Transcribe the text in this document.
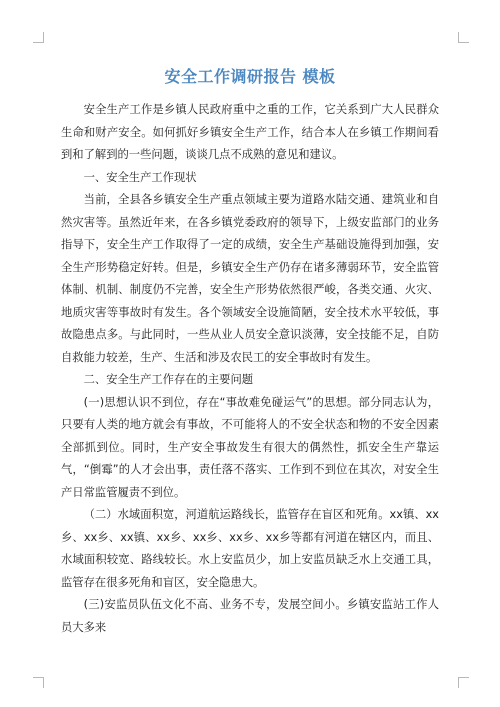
安全工作调研报告 模板

安全生产工作是乡镇人民政府重中之重的工作，它关系到广大人民群众生命和财产安全。如何抓好乡镇安全生产工作，结合本人在乡镇工作期间看到和了解到的一些问题，谈谈几点不成熟的意见和建议。

一、安全生产工作现状

当前，全县各乡镇安全生产重点领域主要为道路水陆交通、建筑业和自然灾害等。虽然近年来，在各乡镇党委政府的领导下，上级安监部门的业务指导下，安全生产工作取得了一定的成绩，安全生产基础设施得到加强，安全生产形势稳定好转。但是，乡镇安全生产仍存在诸多薄弱环节，安全监管体制、机制、制度仍不完善，安全生产形势依然很严峻，各类交通、火灾、地质灾害等事故时有发生。各个领域安全设施简陋，安全技术水平较低，事故隐患点多。与此同时，一些从业人员安全意识淡薄，安全技能不足，自防自救能力较差，生产、生活和涉及农民工的安全事故时有发生。

二、安全生产工作存在的主要问题

(一)思想认识不到位，存在“事故难免碰运气”的思想。部分同志认为，只要有人类的地方就会有事故，不可能将人的不安全状态和物的不安全因素全部抓到位。同时，生产安全事故发生有很大的偶然性，抓安全生产靠运气，“倒霉”的人才会出事，责任落不落实、工作到不到位在其次，对安全生产日常监管履责不到位。

（二）水域面积宽，河道航运路线长，监管存在盲区和死角。xx镇、xx乡、xx乡、xx镇、xx乡、xx乡、xx乡、xx乡等都有河道在辖区内，而且、水域面积较宽、路线较长。水上安监员少，加上安监员缺乏水上交通工具，监管存在很多死角和盲区，安全隐患大。

(三)安监员队伍文化不高、业务不专，发展空间小。乡镇安监站工作人员大多来
